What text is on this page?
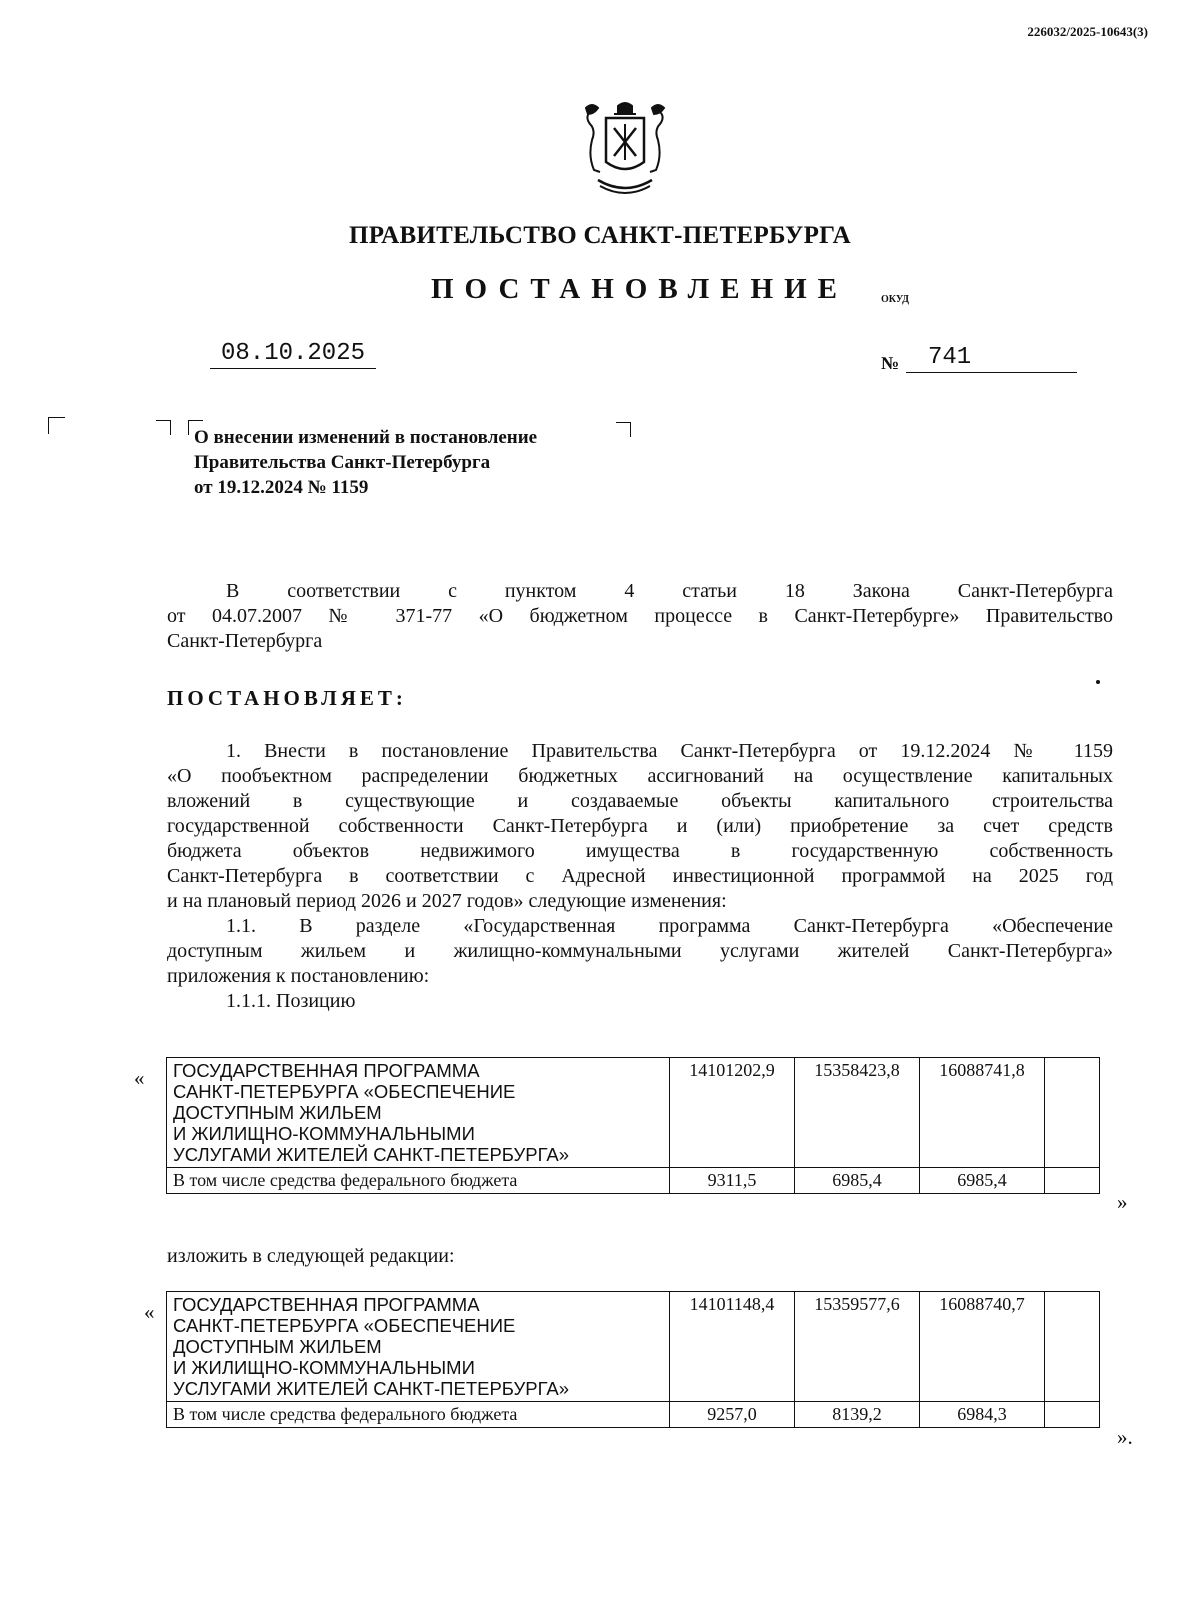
226032/2025-10643(3)
ПРАВИТЕЛЬСТВО САНКТ-ПЕТЕРБУРГА
ПОСТАНОВЛЕНИЕ	ОКУД
08.10.2025	№	741
О внесении изменений в постановление
Правительства Санкт-Петербурга
от 19.12.2024 № 1159
В соответствии с пунктом 4 статьи 18 Закона Санкт-Петербурга
от 04.07.2007 № 371-77 «О бюджетном процессе в Санкт-Петербурге» Правительство
Санкт-Петербурга
ПОСТАНОВЛЯЕТ:
1. Внести в постановление Правительства Санкт-Петербурга от 19.12.2024 № 1159
«О пообъектном распределении бюджетных ассигнований на осуществление капитальных
вложений в существующие и создаваемые объекты капитального строительства
государственной собственности Санкт-Петербурга и (или) приобретение за счет средств
бюджета объектов недвижимого имущества в государственную собственность
Санкт-Петербурга в соответствии с Адресной инвестиционной программой на 2025 год
и на плановый период 2026 и 2027 годов» следующие изменения:
1.1. В разделе «Государственная программа Санкт-Петербурга «Обеспечение
доступным жильем и жилищно-коммунальными услугами жителей Санкт-Петербурга»
приложения к постановлению:
1.1.1. Позицию
« ГОСУДАРСТВЕННАЯ ПРОГРАММА
САНКТ-ПЕТЕРБУРГА «ОБЕСПЕЧЕНИЕ
ДОСТУПНЫМ ЖИЛЬЕМ
И ЖИЛИЩНО-КОММУНАЛЬНЫМИ
УСЛУГАМИ ЖИТЕЛЕЙ САНКТ-ПЕТЕРБУРГА»	14101202,9	15358423,8	16088741,8	
В том числе средства федерального бюджета	9311,5	6985,4	6985,4	
»
изложить в следующей редакции:
« ГОСУДАРСТВЕННАЯ ПРОГРАММА
САНКТ-ПЕТЕРБУРГА «ОБЕСПЕЧЕНИЕ
ДОСТУПНЫМ ЖИЛЬЕМ
И ЖИЛИЩНО-КОММУНАЛЬНЫМИ
УСЛУГАМИ ЖИТЕЛЕЙ САНКТ-ПЕТЕРБУРГА»	14101148,4	15359577,6	16088740,7	
В том числе средства федерального бюджета	9257,0	8139,2	6984,3	
».
